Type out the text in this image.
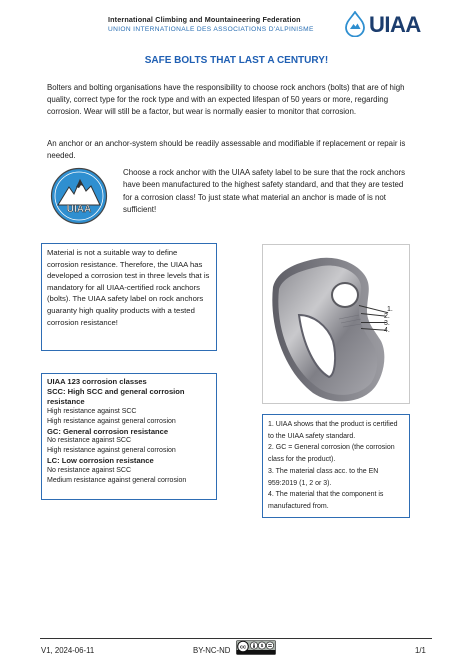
International Climbing and Mountaineering Federation
UNION INTERNATIONALE DES ASSOCIATIONS D'ALPINISME	UIAA
SAFE BOLTS THAT LAST A CENTURY!
Bolters and bolting organisations have the responsibility to choose rock anchors (bolts) that are of high quality, correct type for the rock type and with an expected lifespan of 50 years or more, regarding corrosion. Wear will still be a factor, but wear is normally easier to monitor that corrosion.
An anchor or an anchor-system should be readily assessable and modifiable if replacement or repair is needed.
UIAA
Choose a rock anchor with the UIAA safety label to be sure that the rock anchors have been manufactured to the highest safety standard, and that they are tested for a corrosion class! To just state what material an anchor is made of is not sufficient!
Material is not a suitable way to define corrosion resistance. Therefore, the UIAA has developed a corrosion test in three levels that is mandatory for all UIAA-certified rock anchors (bolts). The UIAA safety label on rock anchors guaranty high quality products with a tested corrosion resistance!
1.
2.
3.
4.
UIAA 123 corrosion classes
SCC: High SCC and general corrosion resistance
High resistance against SCC
High resistance against general corrosion
GC: General corrosion resistance
No resistance against SCC
High resistance against general corrosion
LC: Low corrosion resistance
No resistance against SCC
Medium resistance against general corrosion
1. UIAA shows that the product is certified to the UIAA safety standard.
2. GC = General corrosion (the corrosion class for the product).
3. The material class acc. to the EN 959:2019 (1, 2 or 3).
4. The material that the component is manufactured from.
V1, 2024-06-11	BY-NC-ND cc	$
1/1
